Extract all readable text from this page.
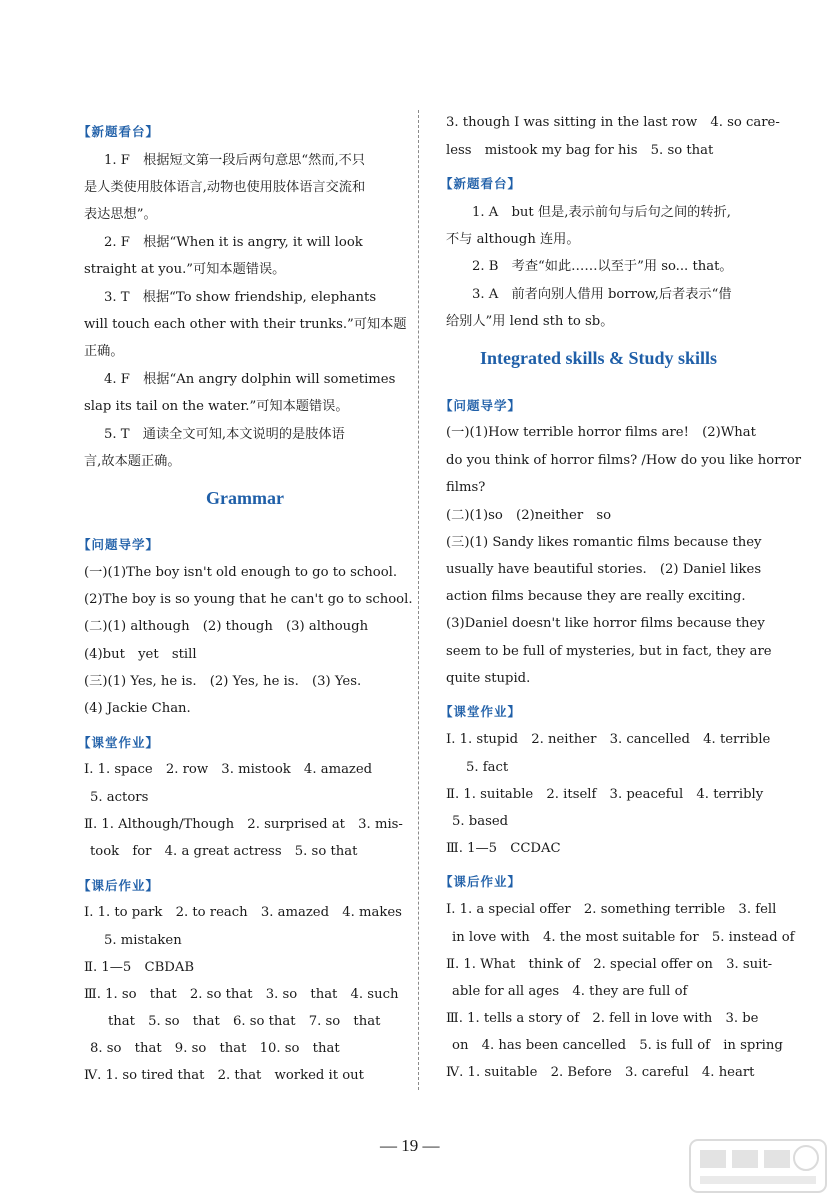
【新题看台】
1. F　根据短文第一段后两句意思“然而,不只
是人类使用肢体语言,动物也使用肢体语言交流和
表达思想”。
2. F　根据“When it is angry, it will look
straight at you.”可知本题错误。
3. T　根据“To show friendship, elephants
will touch each other with their trunks.”可知本题
正确。
4. F　根据“An angry dolphin will sometimes
slap its tail on the water.”可知本题错误。
5. T　通读全文可知,本文说明的是肢体语
言,故本题正确。
Grammar
【问题导学】
(一)(1)The boy isn't old enough to go to school.
(2)The boy is so young that he can't go to school.
(二)(1) although　(2) though　(3) although
(4)but　yet　still
(三)(1) Yes, he is.　(2) Yes, he is.　(3) Yes.
(4) Jackie Chan.
【课堂作业】
Ⅰ. 1. space　2. row　3. mistook　4. amazed
5. actors
Ⅱ. 1. Although/Though　2. surprised at　3. mis-
took　for　4. a great actress　5. so that
【课后作业】
Ⅰ. 1. to park　2. to reach　3. amazed　4. makes
5. mistaken
Ⅱ. 1—5　CBDAB
Ⅲ. 1. so　that　2. so that　3. so　that　4. such
that　5. so　that　6. so that　7. so　that
8. so　that　9. so　that　10. so　that
Ⅳ. 1. so tired that　2. that　worked it out
3. though I was sitting in the last row　4. so care-
less　mistook my bag for his　5. so that
【新题看台】
1. A　but 但是,表示前句与后句之间的转折,
不与 although 连用。
2. B　考查“如此……以至于”用 so... that。
3. A　前者向别人借用 borrow,后者表示“借
给别人”用 lend sth to sb。
Integrated skills & Study skills
【问题导学】
(一)(1)How terrible horror films are!　(2)What
do you think of horror films? /How do you like horror
films?
(二)(1)so　(2)neither　so
(三)(1) Sandy likes romantic films because they
usually have beautiful stories.　(2) Daniel likes
action films because they are really exciting.
(3)Daniel doesn't like horror films because they
seem to be full of mysteries, but in fact, they are
quite stupid.
【课堂作业】
Ⅰ. 1. stupid　2. neither　3. cancelled　4. terrible
5. fact
Ⅱ. 1. suitable　2. itself　3. peaceful　4. terribly
5. based
Ⅲ. 1—5　CCDAC
【课后作业】
Ⅰ. 1. a special offer　2. something terrible　3. fell
in love with　4. the most suitable for　5. instead of
Ⅱ. 1. What　think of　2. special offer on　3. suit-
able for all ages　4. they are full of
Ⅲ. 1. tells a story of　2. fell in love with　3. be
on　4. has been cancelled　5. is full of　in spring
Ⅳ. 1. suitable　2. Before　3. careful　4. heart
— 19 —
